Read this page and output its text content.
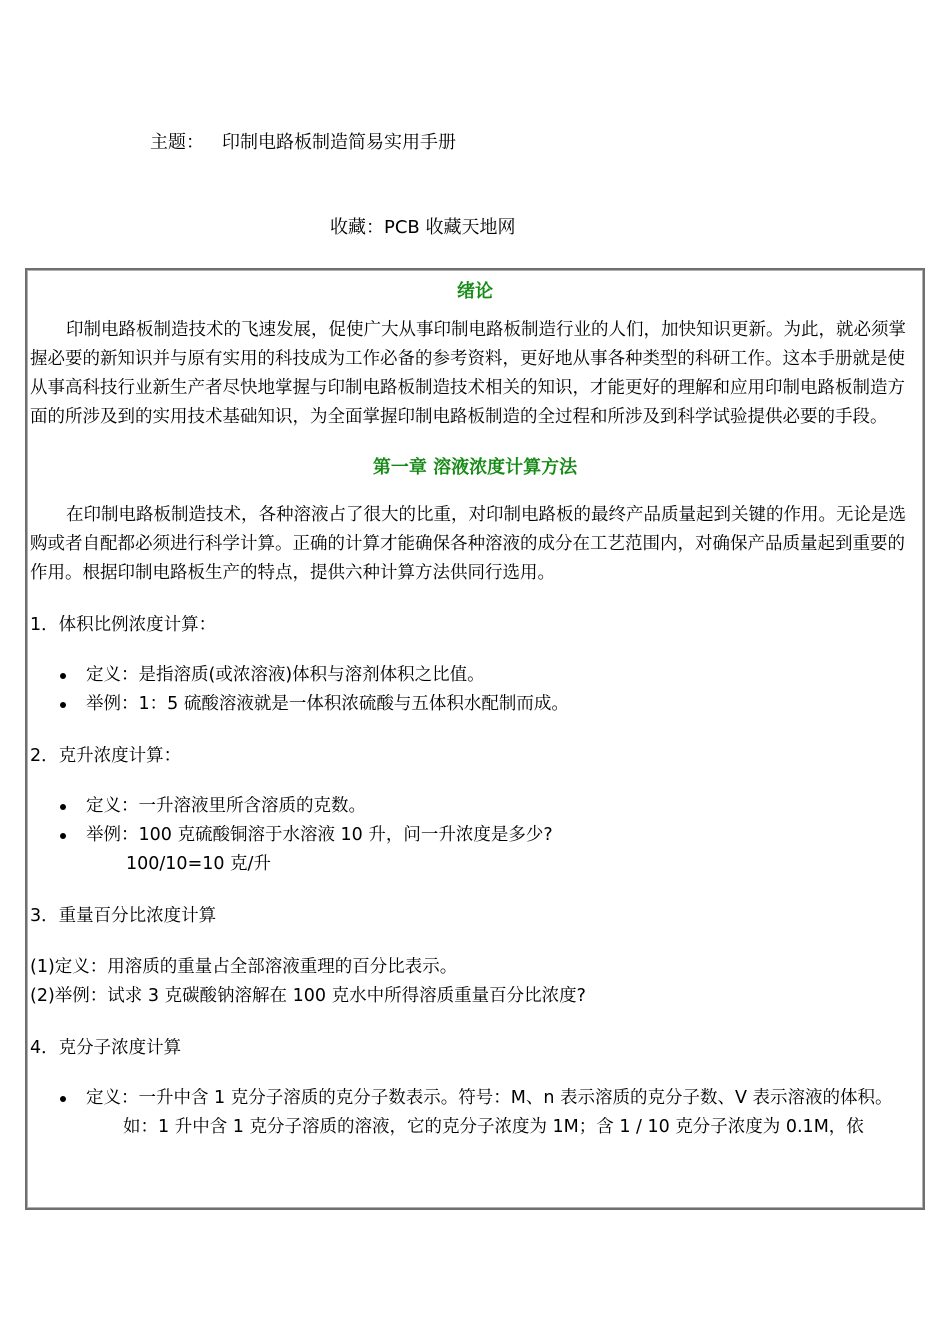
主题： 印制电路板制造简易实用手册
收藏：PCB 收藏天地网
绪论

印制电路板制造技术的飞速发展，促使广大从事印制电路板制造行业的人们，加快知识更新。为此，就必须掌握必要的新知识并与原有实用的科技成为工作必备的参考资料，更好地从事各种类型的科研工作。这本手册就是使从事高科技行业新生产者尽快地掌握与印制电路板制造技术相关的知识，才能更好的理解和应用印制电路板制造方面的所涉及到的实用技术基础知识，为全面掌握印制电路板制造的全过程和所涉及到科学试验提供必要的手段。

第一章 溶液浓度计算方法

在印制电路板制造技术，各种溶液占了很大的比重，对印制电路板的最终产品质量起到关键的作用。无论是选购或者自配都必须进行科学计算。正确的计算才能确保各种溶液的成分在工艺范围内，对确保产品质量起到重要的作用。根据印制电路板生产的特点，提供六种计算方法供同行选用。

1．体积比例浓度计算：

定义：是指溶质(或浓溶液)体积与溶剂体积之比值。
举例：1：5 硫酸溶液就是一体积浓硫酸与五体积水配制而成。

2．克升浓度计算：

定义：一升溶液里所含溶质的克数。
举例：100 克硫酸铜溶于水溶液 10 升，问一升浓度是多少?
100/10=10 克/升

3．重量百分比浓度计算

(1)定义：用溶质的重量占全部溶液重理的百分比表示。

(2)举例：试求 3 克碳酸钠溶解在 100 克水中所得溶质重量百分比浓度?

4．克分子浓度计算

定义：一升中含 1 克分子溶质的克分子数表示。符号：M、n 表示溶质的克分子数、V 表示溶液的体积。
如：1 升中含 1 克分子溶质的溶液，它的克分子浓度为 1M；含 1 / 10 克分子浓度为 0.1M，依
